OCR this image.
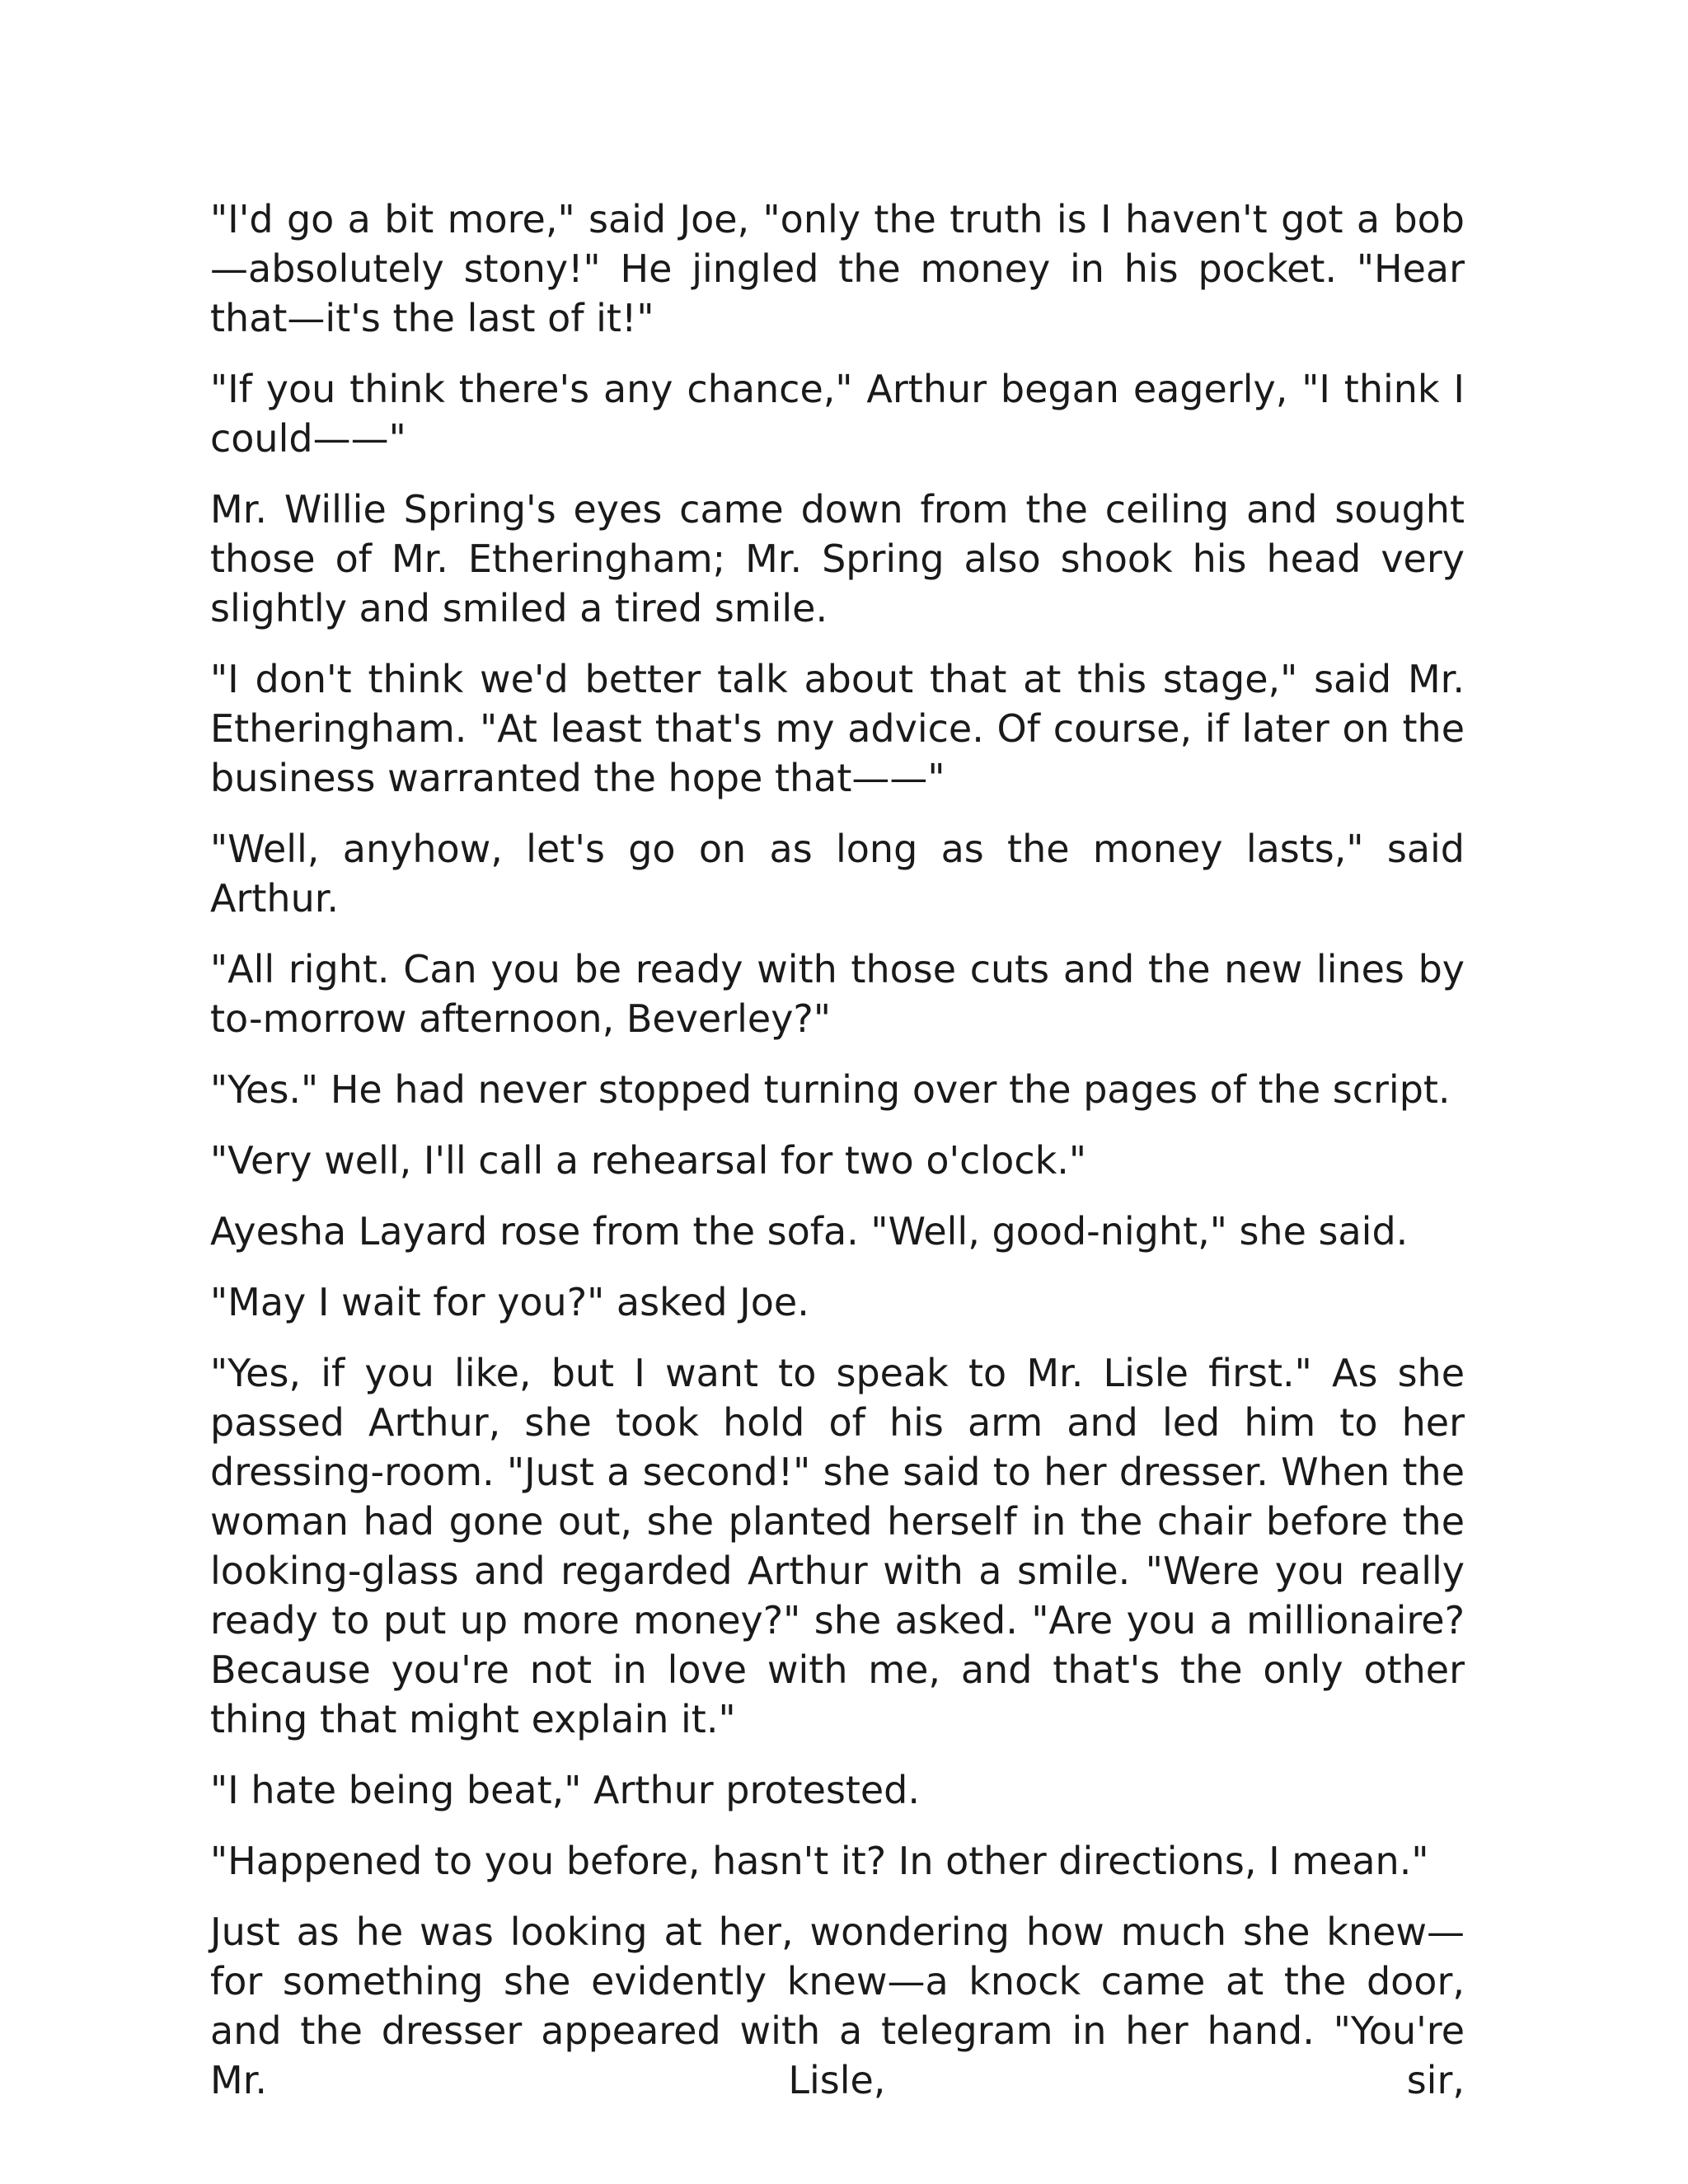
"I'd go a bit more," said Joe, "only the truth is I haven't got a bob—absolutely stony!" He jingled the money in his pocket. "Hear that—it's the last of it!"

"If you think there's any chance," Arthur began eagerly, "I think I could——"

Mr. Willie Spring's eyes came down from the ceiling and sought those of Mr. Etheringham; Mr. Spring also shook his head very slightly and smiled a tired smile.

"I don't think we'd better talk about that at this stage," said Mr. Etheringham. "At least that's my advice. Of course, if later on the business warranted the hope that——"

"Well, anyhow, let's go on as long as the money lasts," said Arthur.

"All right. Can you be ready with those cuts and the new lines by to-morrow afternoon, Beverley?"

"Yes." He had never stopped turning over the pages of the script.

"Very well, I'll call a rehearsal for two o'clock."

Ayesha Layard rose from the sofa. "Well, good-night," she said.

"May I wait for you?" asked Joe.

"Yes, if you like, but I want to speak to Mr. Lisle first." As she passed Arthur, she took hold of his arm and led him to her dressing-room. "Just a second!" she said to her dresser. When the woman had gone out, she planted herself in the chair before the looking-glass and regarded Arthur with a smile. "Were you really ready to put up more money?" she asked. "Are you a millionaire? Because you're not in love with me, and that's the only other thing that might explain it."

"I hate being beat," Arthur protested.

"Happened to you before, hasn't it? In other directions, I mean."

Just as he was looking at her, wondering how much she knew—for something she evidently knew—a knock came at the door, and the dresser appeared with a telegram in her hand. "You're Mr. Lisle, sir,
